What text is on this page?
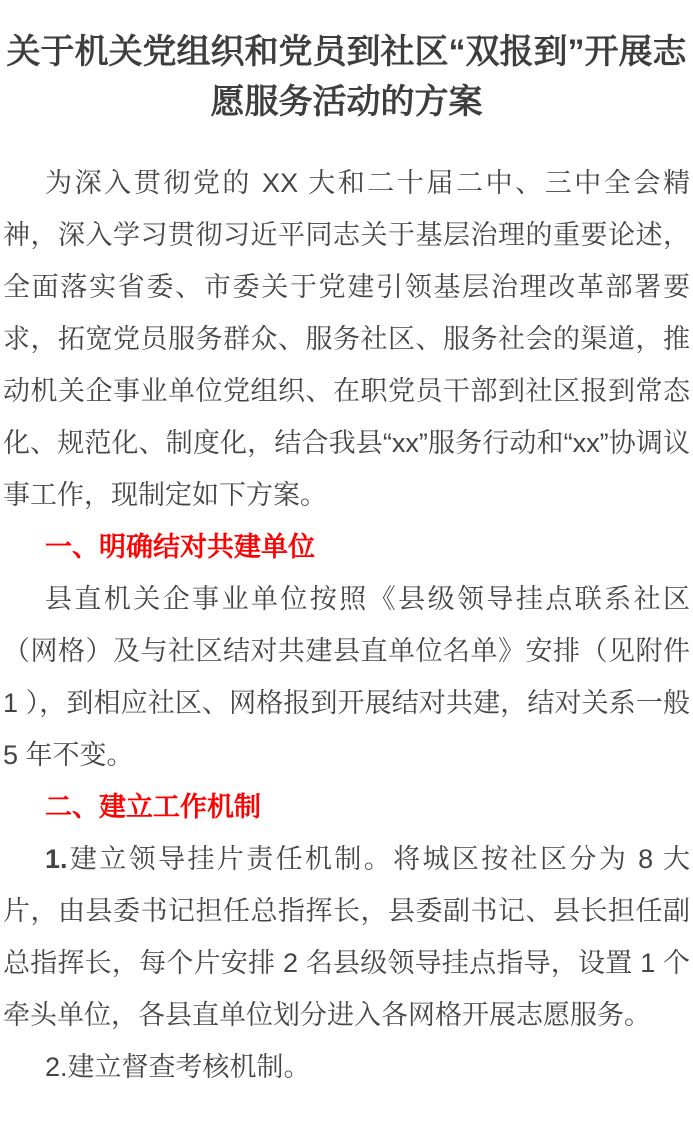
关于机关党组织和党员到社区“双报到”开展志愿服务活动的方案

为深入贯彻党的 XX 大和二十届二中、三中全会精神，深入学习贯彻习近平同志关于基层治理的重要论述，全面落实省委、市委关于党建引领基层治理改革部署要求，拓宽党员服务群众、服务社区、服务社会的渠道，推动机关企事业单位党组织、在职党员干部到社区报到常态化、规范化、制度化，结合我县“xx”服务行动和“xx”协调议事工作，现制定如下方案。

一、明确结对共建单位

县直机关企事业单位按照《县级领导挂点联系社区（网格）及与社区结对共建县直单位名单》安排（见附件 1 ），到相应社区、网格报到开展结对共建，结对关系一般 5 年不变。

二、建立工作机制

1.建立领导挂片责任机制。将城区按社区分为 8 大片，由县委书记担任总指挥长，县委副书记、县长担任副总指挥长，每个片安排 2 名县级领导挂点指导，设置 1 个牵头单位，各县直单位划分进入各网格开展志愿服务。

2.建立督查考核机制。
